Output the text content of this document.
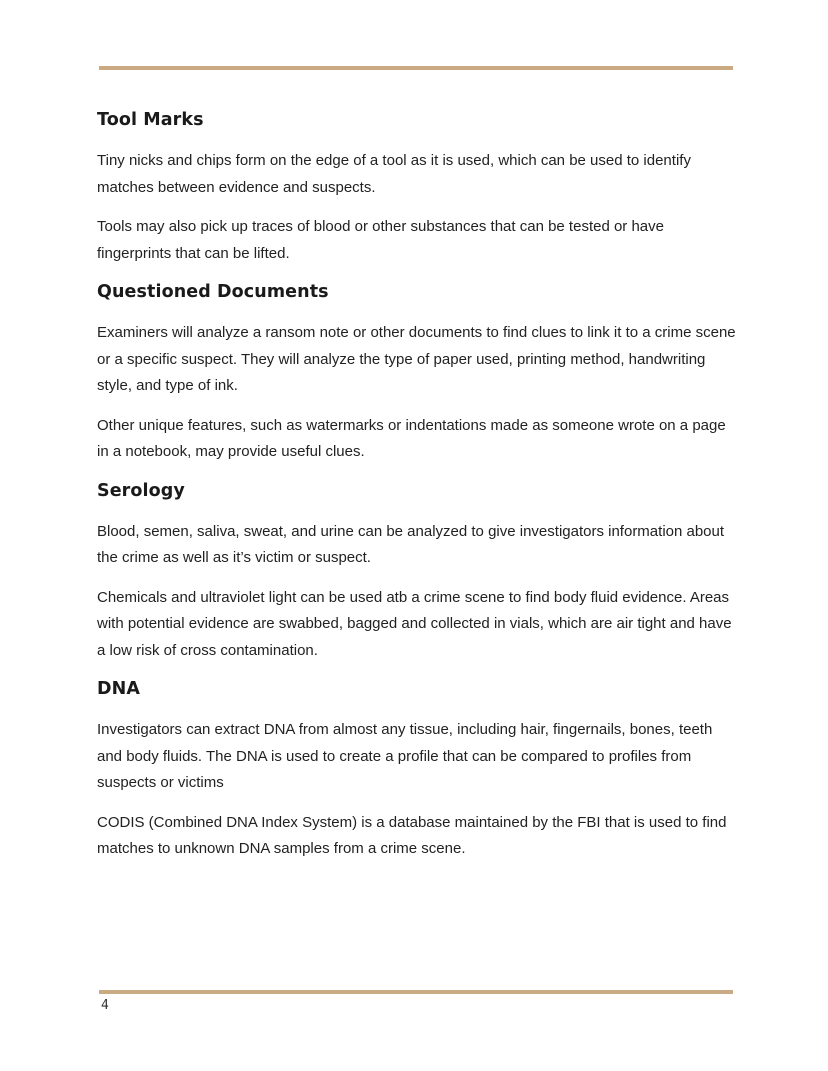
Tool Marks

Tiny nicks and chips form on the edge of a tool as it is used, which can be used to identify matches between evidence and suspects.

Tools may also pick up traces of blood or other substances that can be tested or have fingerprints that can be lifted.

Questioned Documents

Examiners will analyze a ransom note or other documents to find clues to link it to a crime scene or a specific suspect. They will analyze the type of paper used, printing method, handwriting style, and type of ink.

Other unique features, such as watermarks or indentations made as someone wrote on a page in a notebook, may provide useful clues.

Serology

Blood, semen, saliva, sweat, and urine can be analyzed to give investigators information about the crime as well as it’s victim or suspect.

Chemicals and ultraviolet light can be used atb a crime scene to find body fluid evidence. Areas with potential evidence are swabbed, bagged and collected in vials, which are air tight and have a low risk of cross contamination.

DNA

Investigators can extract DNA from almost any tissue, including hair, fingernails, bones, teeth and body fluids. The DNA is used to create a profile that can be compared to profiles from suspects or victims

CODIS (Combined DNA Index System) is a database maintained by the FBI that is used to find matches to unknown DNA samples from a crime scene.

4
